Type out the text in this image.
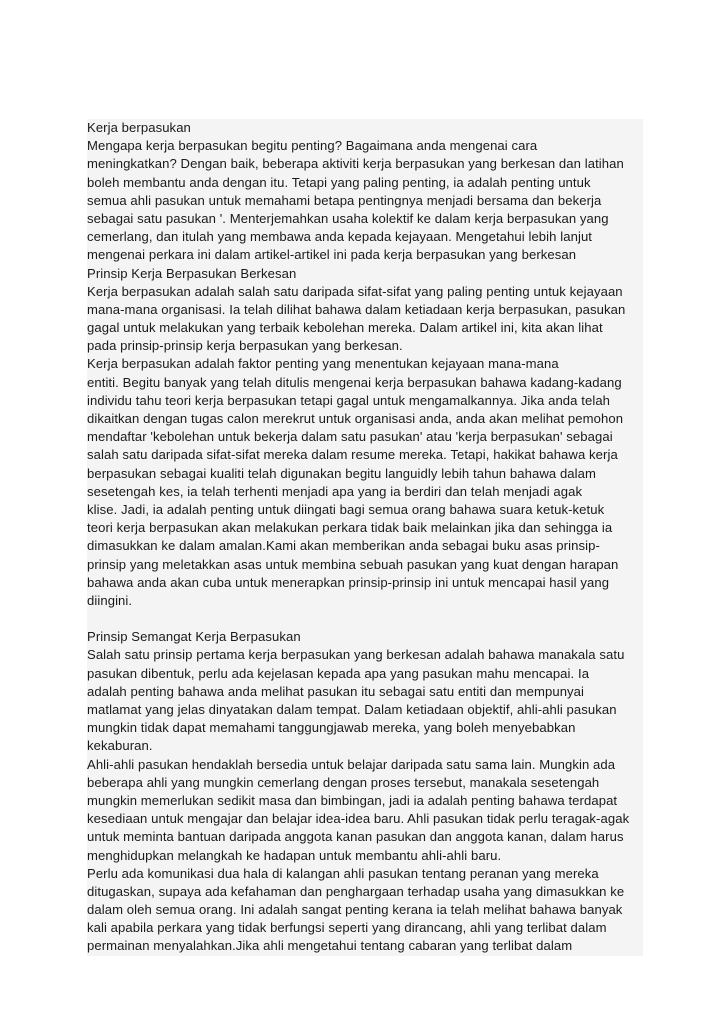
Kerja berpasukan
Mengapa kerja berpasukan begitu penting? Bagaimana anda mengenai cara
meningkatkan? Dengan baik, beberapa aktiviti kerja berpasukan yang berkesan dan latihan
boleh membantu anda dengan itu. Tetapi yang paling penting, ia adalah penting untuk
semua ahli pasukan untuk memahami betapa pentingnya menjadi bersama dan bekerja
sebagai satu pasukan '. Menterjemahkan usaha kolektif ke dalam kerja berpasukan yang
cemerlang, dan itulah yang membawa anda kepada kejayaan. Mengetahui lebih lanjut
mengenai perkara ini dalam artikel-artikel ini pada kerja berpasukan yang berkesan
Prinsip Kerja Berpasukan Berkesan
Kerja berpasukan adalah salah satu daripada sifat-sifat yang paling penting untuk kejayaan
mana-mana organisasi. Ia telah dilihat bahawa dalam ketiadaan kerja berpasukan, pasukan
gagal untuk melakukan yang terbaik kebolehan mereka. Dalam artikel ini, kita akan lihat
pada prinsip-prinsip kerja berpasukan yang berkesan.
Kerja berpasukan adalah faktor penting yang menentukan kejayaan mana-mana
entiti. Begitu banyak yang telah ditulis mengenai kerja berpasukan bahawa kadang-kadang
individu tahu teori kerja berpasukan tetapi gagal untuk mengamalkannya. Jika anda telah
dikaitkan dengan tugas calon merekrut untuk organisasi anda, anda akan melihat pemohon
mendaftar 'kebolehan untuk bekerja dalam satu pasukan' atau 'kerja berpasukan' sebagai
salah satu daripada sifat-sifat mereka dalam resume mereka. Tetapi, hakikat bahawa kerja
berpasukan sebagai kualiti telah digunakan begitu languidly lebih tahun bahawa dalam
sesetengah kes, ia telah terhenti menjadi apa yang ia berdiri dan telah menjadi agak
klise. Jadi, ia adalah penting untuk diingati bagi semua orang bahawa suara ketuk-ketuk
teori kerja berpasukan akan melakukan perkara tidak baik melainkan jika dan sehingga ia
dimasukkan ke dalam amalan.Kami akan memberikan anda sebagai buku asas prinsip-
prinsip yang meletakkan asas untuk membina sebuah pasukan yang kuat dengan harapan
bahawa anda akan cuba untuk menerapkan prinsip-prinsip ini untuk mencapai hasil yang
diingini.
Prinsip Semangat Kerja Berpasukan
Salah satu prinsip pertama kerja berpasukan yang berkesan adalah bahawa manakala satu
pasukan dibentuk, perlu ada kejelasan kepada apa yang pasukan mahu mencapai. Ia
adalah penting bahawa anda melihat pasukan itu sebagai satu entiti dan mempunyai
matlamat yang jelas dinyatakan dalam tempat. Dalam ketiadaan objektif, ahli-ahli pasukan
mungkin tidak dapat memahami tanggungjawab mereka, yang boleh menyebabkan
kekaburan.
Ahli-ahli pasukan hendaklah bersedia untuk belajar daripada satu sama lain. Mungkin ada
beberapa ahli yang mungkin cemerlang dengan proses tersebut, manakala sesetengah
mungkin memerlukan sedikit masa dan bimbingan, jadi ia adalah penting bahawa terdapat
kesediaan untuk mengajar dan belajar idea-idea baru. Ahli pasukan tidak perlu teragak-agak
untuk meminta bantuan daripada anggota kanan pasukan dan anggota kanan, dalam harus
menghidupkan melangkah ke hadapan untuk membantu ahli-ahli baru.
Perlu ada komunikasi dua hala di kalangan ahli pasukan tentang peranan yang mereka
ditugaskan, supaya ada kefahaman dan penghargaan terhadap usaha yang dimasukkan ke
dalam oleh semua orang. Ini adalah sangat penting kerana ia telah melihat bahawa banyak
kali apabila perkara yang tidak berfungsi seperti yang dirancang, ahli yang terlibat dalam
permainan menyalahkan.Jika ahli mengetahui tentang cabaran yang terlibat dalam
